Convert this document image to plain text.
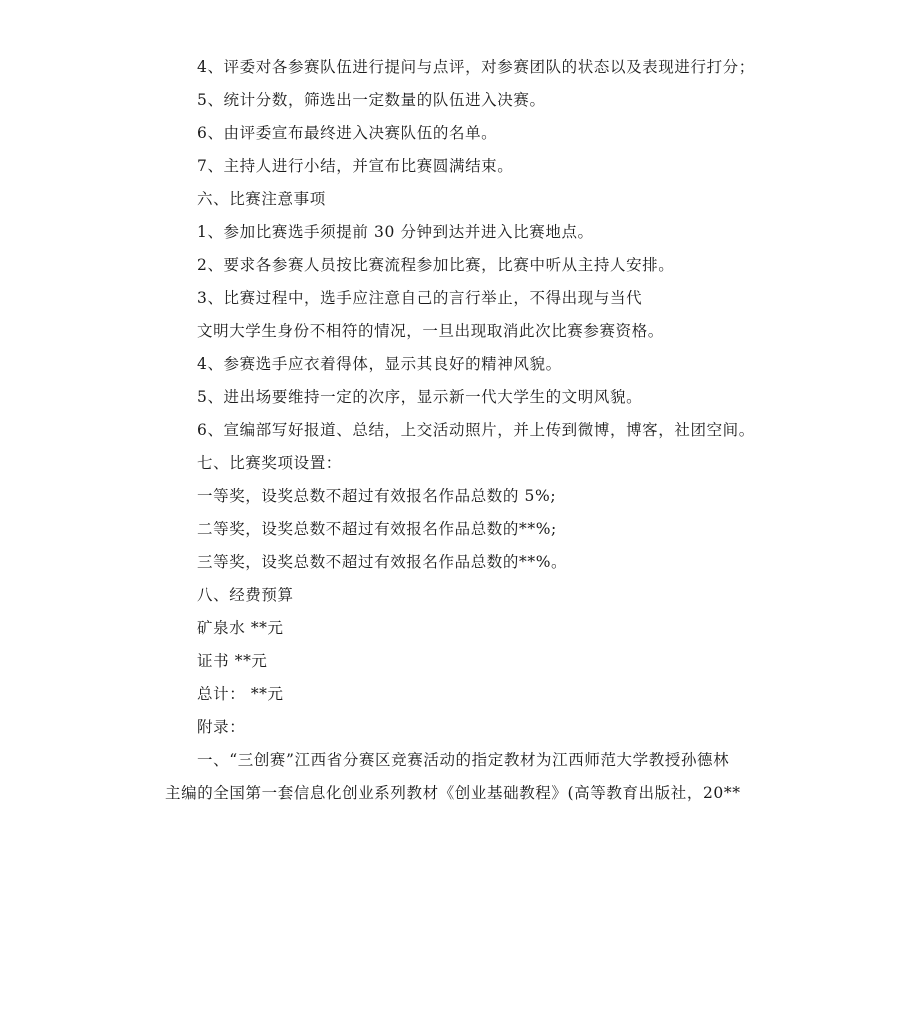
4、评委对各参赛队伍进行提问与点评，对参赛团队的状态以及表现进行打分；
5、统计分数，筛选出一定数量的队伍进入决赛。
6、由评委宣布最终进入决赛队伍的名单。
7、主持人进行小结，并宣布比赛圆满结束。
六、比赛注意事项
1、参加比赛选手须提前 30 分钟到达并进入比赛地点。
2、要求各参赛人员按比赛流程参加比赛，比赛中听从主持人安排。
3、比赛过程中，选手应注意自己的言行举止，不得出现与当代
文明大学生身份不相符的情况，一旦出现取消此次比赛参赛资格。
4、参赛选手应衣着得体，显示其良好的精神风貌。
5、进出场要维持一定的次序，显示新一代大学生的文明风貌。
6、宣编部写好报道、总结，上交活动照片，并上传到微博，博客，社团空间。
七、比赛奖项设置：
一等奖，设奖总数不超过有效报名作品总数的 5%;
二等奖，设奖总数不超过有效报名作品总数的**%;
三等奖，设奖总数不超过有效报名作品总数的**%。
八、经费预算
矿泉水 **元
证书 **元
总计： **元
附录：
一、“三创赛”江西省分赛区竞赛活动的指定教材为江西师范大学教授孙德林
主编的全国第一套信息化创业系列教材《创业基础教程》(高等教育出版社，20**
